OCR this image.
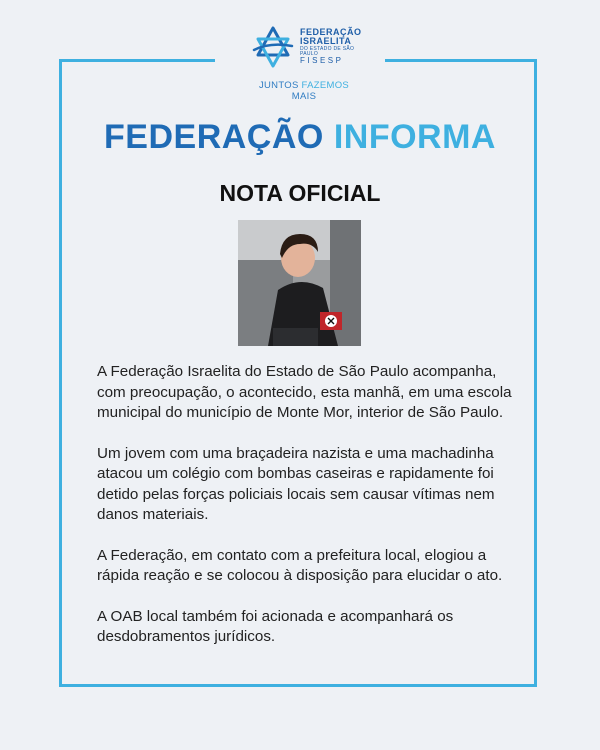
FEDERAÇÃO
ISRAELITA
DO ESTADO DE SÃO PAULO
FISESP
JUNTOS FAZEMOS MAIS
FEDERAÇÃO INFORMA
NOTA OFICIAL

A Federação Israelita do Estado de São Paulo acompanha, com preocupação, o acontecido, esta manhã, em uma escola municipal do município de Monte Mor, interior de São Paulo.

Um jovem com uma braçadeira nazista e uma machadinha atacou um colégio com bombas caseiras e rapidamente foi detido pelas forças policiais locais sem causar vítimas nem danos materiais.

A Federação, em contato com a prefeitura local, elogiou a rápida reação e se colocou à disposição para elucidar o ato.

A OAB local também foi acionada e acompanhará os desdobramentos jurídicos.
